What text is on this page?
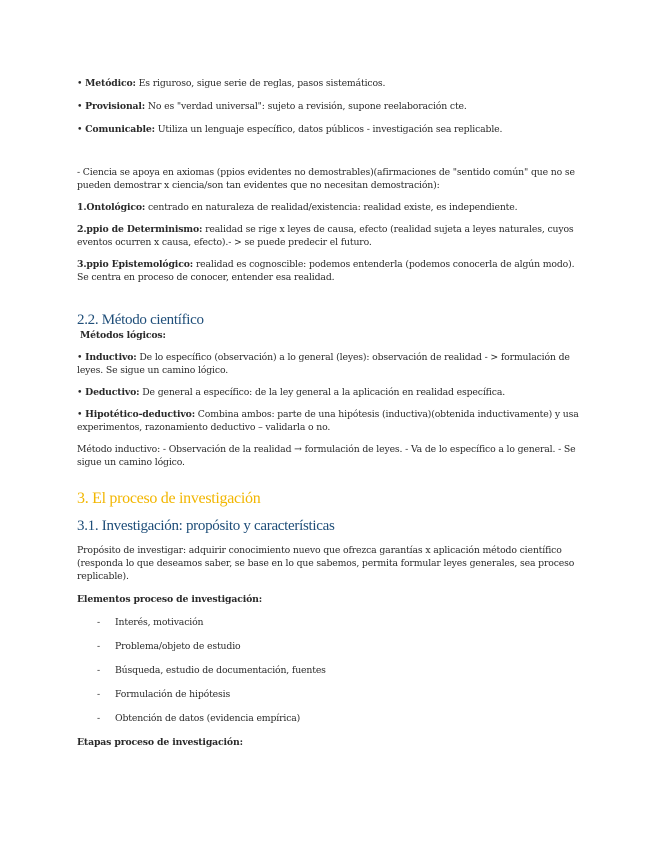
• Metódico: Es riguroso, sigue serie de reglas, pasos sistemáticos.

• Provisional: No es "verdad universal": sujeto a revisión, supone reelaboración cte.

• Comunicable: Utiliza un lenguaje específico, datos públicos - investigación sea replicable.

- Ciencia se apoya en axiomas (ppios evidentes no demostrables)(afirmaciones de "sentido común" que no se pueden demostrar x ciencia/son tan evidentes que no necesitan demostración):

1.Ontológico: centrado en naturaleza de realidad/existencia: realidad existe, es independiente.

2.ppio de Determinismo: realidad se rige x leyes de causa, efecto (realidad sujeta a leyes naturales, cuyos eventos ocurren x causa, efecto).- > se puede predecir el futuro.

3.ppio Epistemológico: realidad es cognoscible: podemos entenderla (podemos conocerla de algún modo). Se centra en proceso de conocer, entender esa realidad.

2.2. Método científico

Métodos lógicos:

• Inductivo: De lo específico (observación) a lo general (leyes): observación de realidad - > formulación de leyes. Se sigue un camino lógico.

• Deductivo: De general a específico: de la ley general a la aplicación en realidad específica.

• Hipotético-deductivo: Combina ambos: parte de una hipótesis (inductiva)(obtenida inductivamente) y usa experimentos, razonamiento deductivo – validarla o no.

Método inductivo: - Observación de la realidad → formulación de leyes. - Va de lo específico a lo general. - Se sigue un camino lógico.

3. El proceso de investigación
3.1. Investigación: propósito y características

Propósito de investigar: adquirir conocimiento nuevo que ofrezca garantías x aplicación método científico (responda lo que deseamos saber, se base en lo que sabemos, permita formular leyes generales, sea proceso replicable).

Elementos proceso de investigación:

- Interés, motivación
- Problema/objeto de estudio
- Búsqueda, estudio de documentación, fuentes
- Formulación de hipótesis
- Obtención de datos (evidencia empírica)

Etapas proceso de investigación:
